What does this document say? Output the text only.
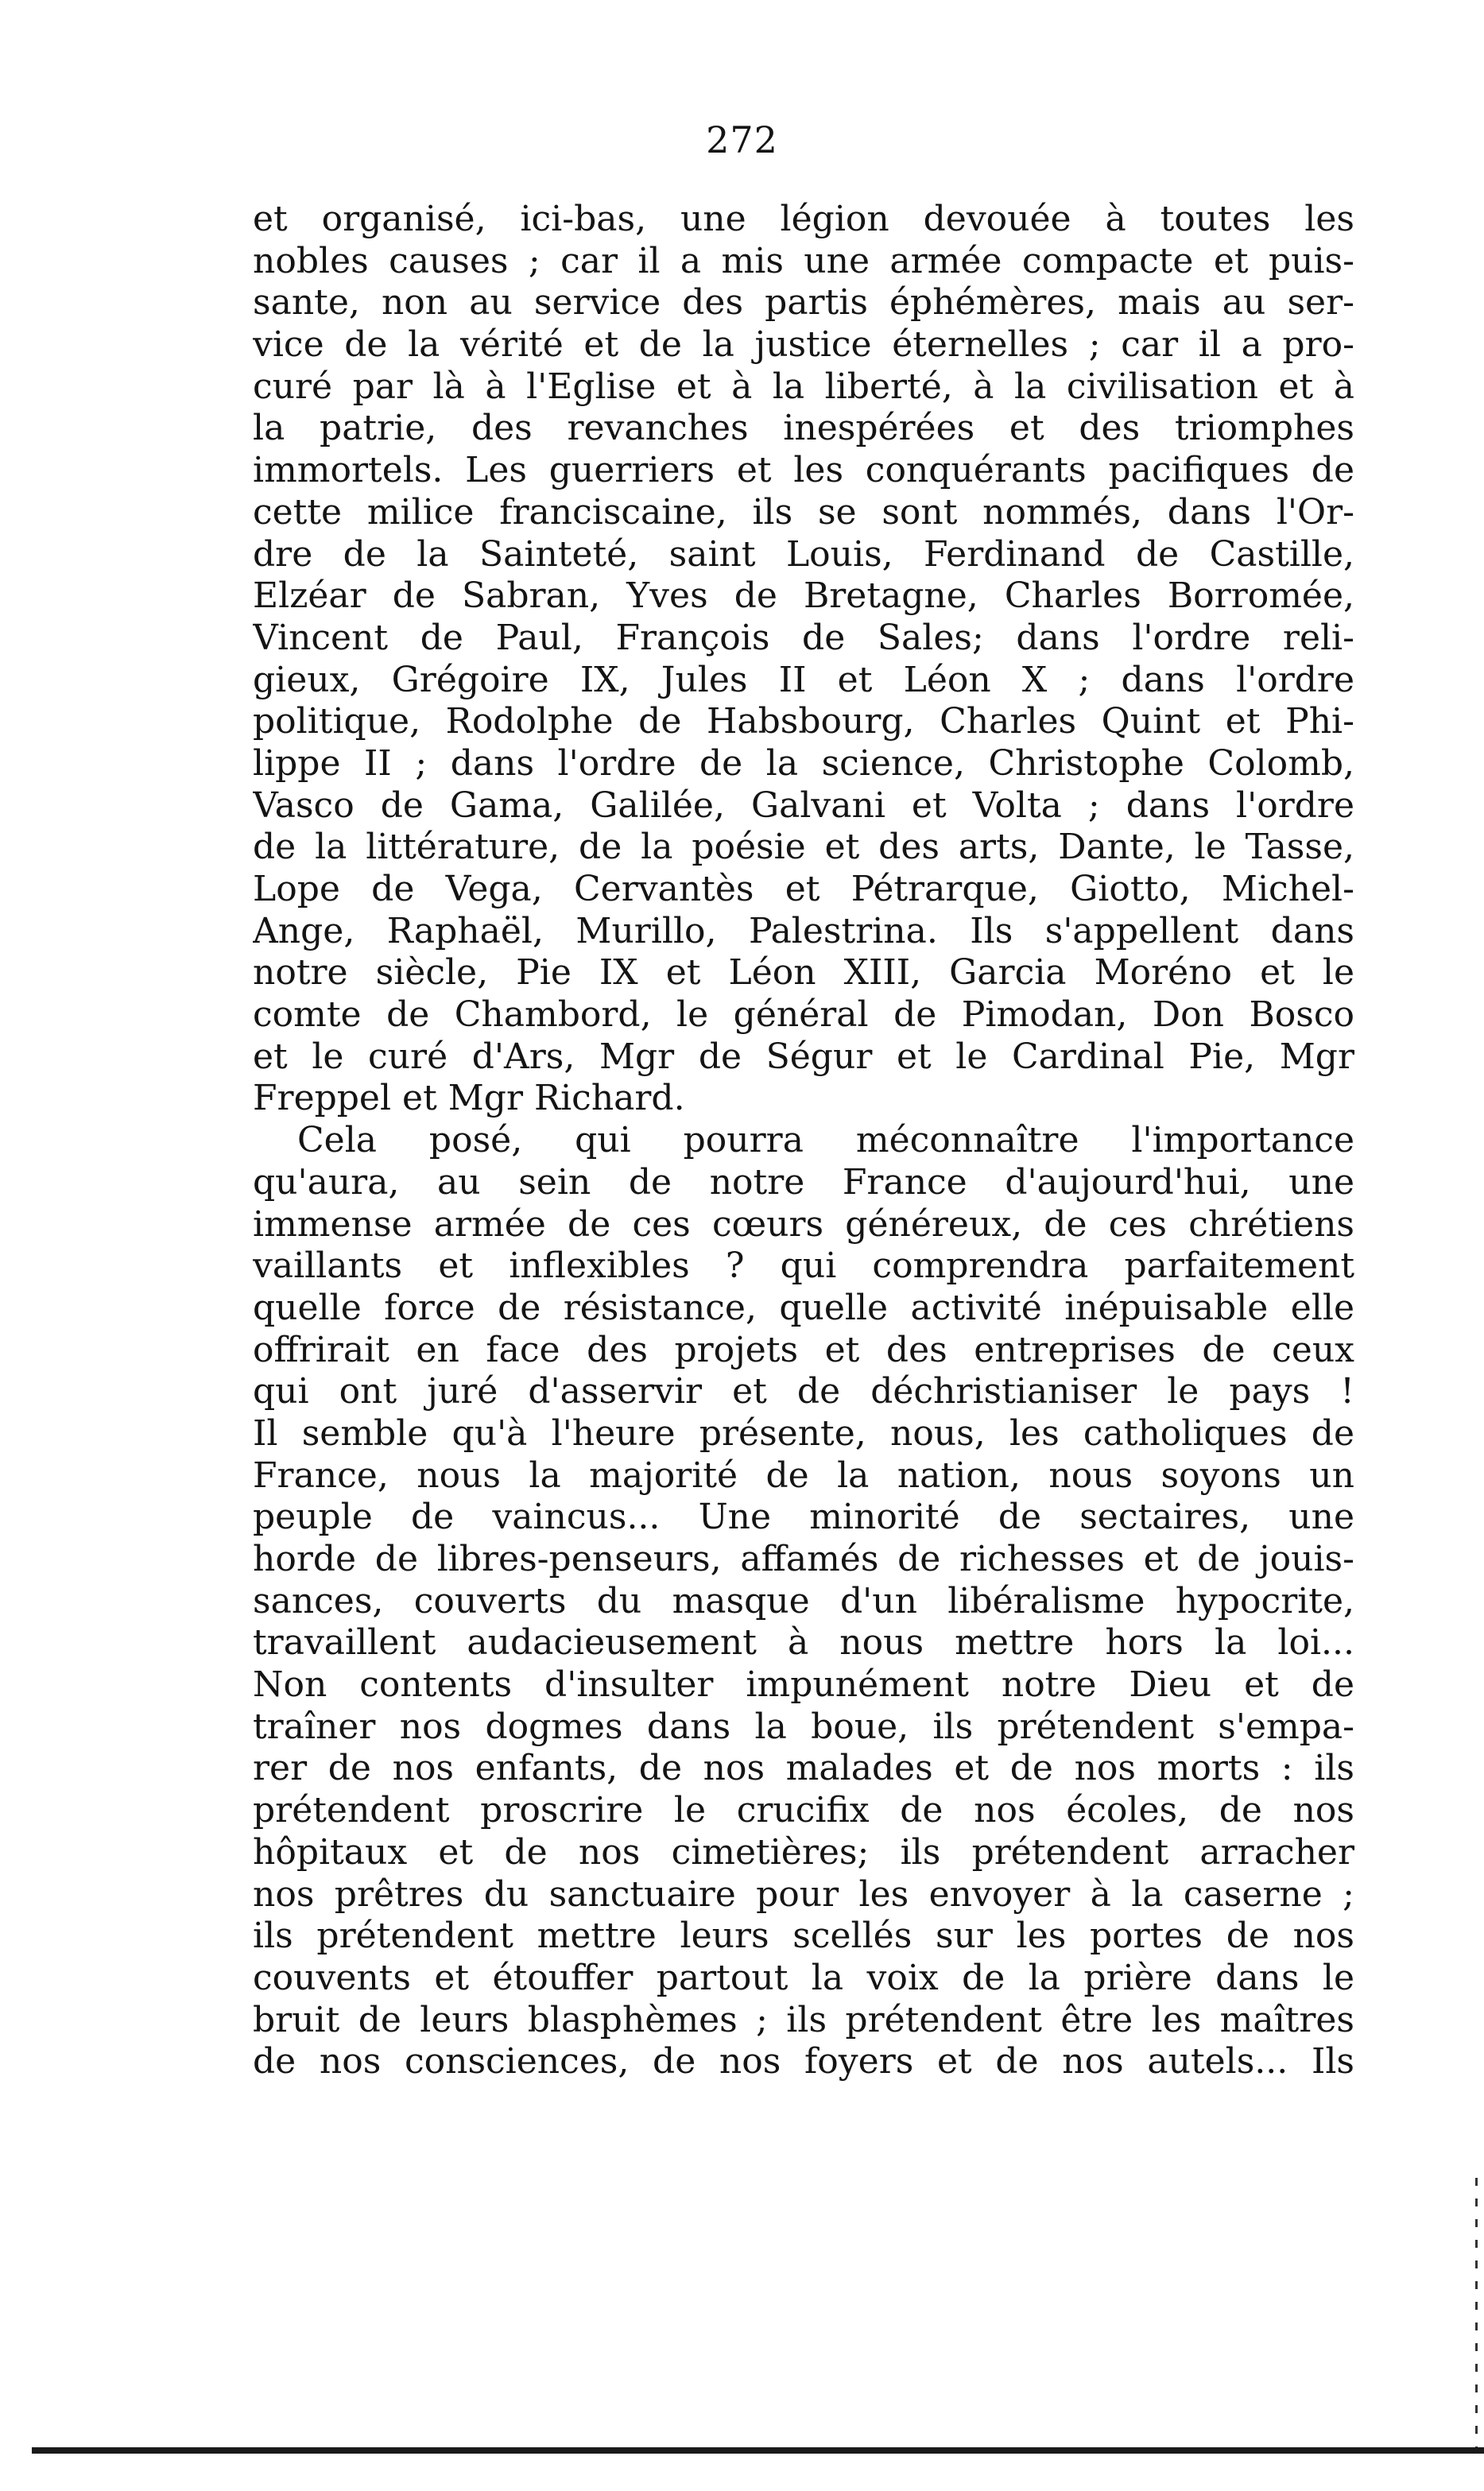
272
et organisé, ici-bas, une légion devouée à toutes les
nobles causes ; car il a mis une armée compacte et puis-
sante, non au service des partis éphémères, mais au ser-
vice de la vérité et de la justice éternelles ; car il a pro-
curé par là à l'Eglise et à la liberté, à la civilisation et à
la patrie, des revanches inespérées et des triomphes
immortels. Les guerriers et les conquérants pacifiques de
cette milice franciscaine, ils se sont nommés, dans l'Or-
dre de la Sainteté, saint Louis, Ferdinand de Castille,
Elzéar de Sabran, Yves de Bretagne, Charles Borromée,
Vincent de Paul, François de Sales; dans l'ordre reli-
gieux, Grégoire IX, Jules II et Léon X ; dans l'ordre
politique, Rodolphe de Habsbourg, Charles Quint et Phi-
lippe II ; dans l'ordre de la science, Christophe Colomb,
Vasco de Gama, Galilée, Galvani et Volta ; dans l'ordre
de la littérature, de la poésie et des arts, Dante, le Tasse,
Lope de Vega, Cervantès et Pétrarque, Giotto, Michel-
Ange, Raphaël, Murillo, Palestrina. Ils s'appellent dans
notre siècle, Pie IX et Léon XIII, Garcia Moréno et le
comte de Chambord, le général de Pimodan, Don Bosco
et le curé d'Ars, Mgr de Ségur et le Cardinal Pie, Mgr
Freppel et Mgr Richard.
Cela posé, qui pourra méconnaître l'importance
qu'aura, au sein de notre France d'aujourd'hui, une
immense armée de ces cœurs généreux, de ces chrétiens
vaillants et inflexibles ? qui comprendra parfaitement
quelle force de résistance, quelle activité inépuisable elle
offrirait en face des projets et des entreprises de ceux
qui ont juré d'asservir et de déchristianiser le pays !
Il semble qu'à l'heure présente, nous, les catholiques de
France, nous la majorité de la nation, nous soyons un
peuple de vaincus... Une minorité de sectaires, une
horde de libres-penseurs, affamés de richesses et de jouis-
sances, couverts du masque d'un libéralisme hypocrite,
travaillent audacieusement à nous mettre hors la loi...
Non contents d'insulter impunément notre Dieu et de
traîner nos dogmes dans la boue, ils prétendent s'empa-
rer de nos enfants, de nos malades et de nos morts : ils
prétendent proscrire le crucifix de nos écoles, de nos
hôpitaux et de nos cimetières; ils prétendent arracher
nos prêtres du sanctuaire pour les envoyer à la caserne ;
ils prétendent mettre leurs scellés sur les portes de nos
couvents et étouffer partout la voix de la prière dans le
bruit de leurs blasphèmes ; ils prétendent être les maîtres
de nos consciences, de nos foyers et de nos autels... Ils
